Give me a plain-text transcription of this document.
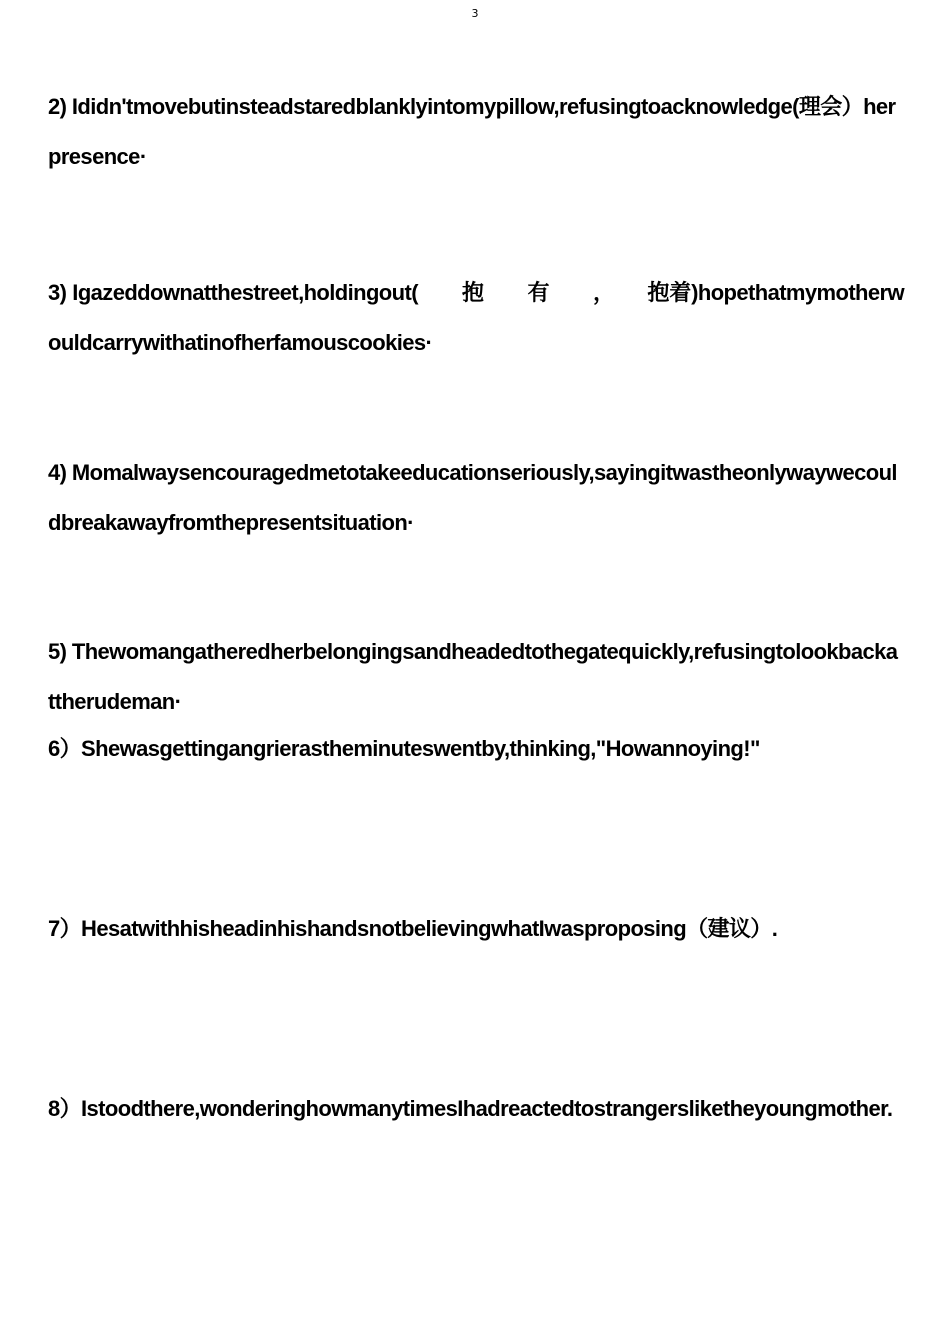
3

2) Ididn'tmovebutinsteadstaredblanklyintomypillow,refusingtoacknowledge(理会）herpresence·

3) Igazeddownatthestreet,holdingout(　　抱　　有　　，　　抱着)hopethatmymotherwouldcarrywithatinofherfamouscookies·

4) Momalwaysencouragedmetotakeeducationseriously,sayingitwastheonlywaywecouldbreakawayfromthepresentsituation·

5) Thewomangatheredherbelongingsandheadedtothegatequickly,refusingtolookbackattherudeman·

6）Shewasgettingangrierastheminuteswentby,thinking,"Howannoying!"

7）HesatwithhisheadinhishandsnotbelievingwhatIwasproposing（建议）.

8）Istoodthere,wonderinghowmanytimesIhadreactedtostrangersliketheyoungmother.
